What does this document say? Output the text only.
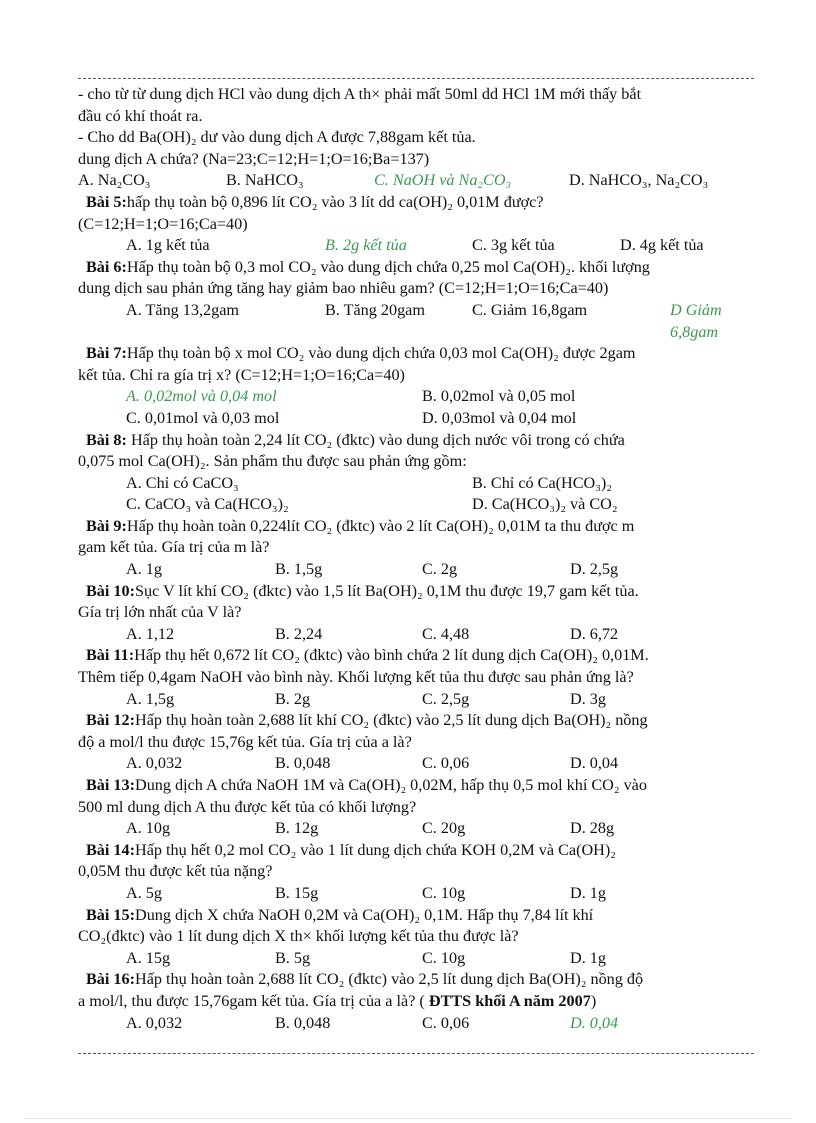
- cho từ từ dung dịch HCl vào dung dịch A th× phải mất 50ml dd HCl 1M mới thấy bắt
đầu có khí thoát ra.
- Cho dd Ba(OH)₂ dư vào dung dịch A được 7,88gam kết tủa.
dung dịch A chứa? (Na=23;C=12;H=1;O=16;Ba=137)
A. Na₂CO₃	B. NaHCO₃	C. NaOH và Na₂CO₃	D. NaHCO₃, Na₂CO₃
Bài 5:hấp thụ toàn bộ 0,896 lít CO₂ vào 3 lít dd ca(OH)₂ 0,01M được?
(C=12;H=1;O=16;Ca=40)
A. 1g kết tủa	B. 2g kết tủa	C. 3g kết tủa	D. 4g kết tủa
Bài 6:Hấp thụ toàn bộ 0,3 mol CO₂ vào dung dịch chứa 0,25 mol Ca(OH)₂. khối lượng
dung dịch sau phản ứng tăng hay giảm bao nhiêu gam? (C=12;H=1;O=16;Ca=40)
A. Tăng 13,2gam	B. Tăng 20gam	C. Giảm 16,8gam	D Giảm 6,8gam
Bài 7:Hấp thụ toàn bộ x mol CO₂ vào dung dịch chứa 0,03 mol Ca(OH)₂ được 2gam
kết tủa. Chỉ ra gía trị x? (C=12;H=1;O=16;Ca=40)
A. 0,02mol và 0,04 mol	B. 0,02mol và 0,05 mol
C. 0,01mol và 0,03 mol	D. 0,03mol và 0,04 mol
Bài 8: Hấp thụ hoàn toàn 2,24 lít CO₂ (đktc) vào dung dịch nước vôi trong có chứa
0,075 mol Ca(OH)₂. Sản phẩm thu được sau phản ứng gồm:
A. Chỉ có CaCO₃	B. Chỉ có Ca(HCO₃)₂
C. CaCO₃ và Ca(HCO₃)₂	D. Ca(HCO₃)₂ và CO₂
Bài 9:Hấp thụ hoàn toàn 0,224lít CO₂ (đktc) vào 2 lít Ca(OH)₂ 0,01M ta thu được m
gam kết tủa. Gía trị của m là?
A. 1g	B. 1,5g	C. 2g	D. 2,5g
Bài 10:Sục V lít khí CO₂ (đktc) vào 1,5 lít Ba(OH)₂ 0,1M thu được 19,7 gam kết tủa.
Gía trị lớn nhất của V là?
A. 1,12	B. 2,24	C. 4,48	D. 6,72
Bài 11:Hấp thụ hết 0,672 lít CO₂ (đktc) vào bình chứa 2 lít dung dịch Ca(OH)₂ 0,01M.
Thêm tiếp 0,4gam NaOH vào bình này. Khối lượng kết tủa thu được sau phản ứng là?
A. 1,5g	B. 2g	C. 2,5g	D. 3g
Bài 12:Hấp thụ hoàn toàn 2,688 lít khí CO₂ (đktc) vào 2,5 lít dung dịch Ba(OH)₂ nồng
độ a mol/l thu được 15,76g kết tủa. Gía trị của a là?
A. 0,032	B. 0,048	C. 0,06	D. 0,04
Bài 13:Dung dịch A chứa NaOH 1M và Ca(OH)₂ 0,02M, hấp thụ 0,5 mol khí CO₂ vào
500 ml dung dịch A thu được kết tủa có khối lượng?
A. 10g	B. 12g	C. 20g	D. 28g
Bài 14:Hấp thụ hết 0,2 mol CO₂ vào 1 lít dung dịch chứa KOH 0,2M và Ca(OH)₂
0,05M thu được kết tủa nặng?
A. 5g	B. 15g	C. 10g	D. 1g
Bài 15:Dung dịch X chứa NaOH 0,2M và Ca(OH)₂ 0,1M. Hấp thụ 7,84 lít khí
CO₂(đktc) vào 1 lít dung dịch X th× khối lượng kết tủa thu được là?
A. 15g	B. 5g	C. 10g	D. 1g
Bài 16:Hấp thụ hoàn toàn 2,688 lít CO₂ (đktc) vào 2,5 lít dung dịch Ba(OH)₂ nồng độ
a mol/l, thu được 15,76gam kết tủa. Gía trị của a là? ( ĐTTS khối A năm 2007)
A. 0,032	B. 0,048	C. 0,06	D. 0,04
